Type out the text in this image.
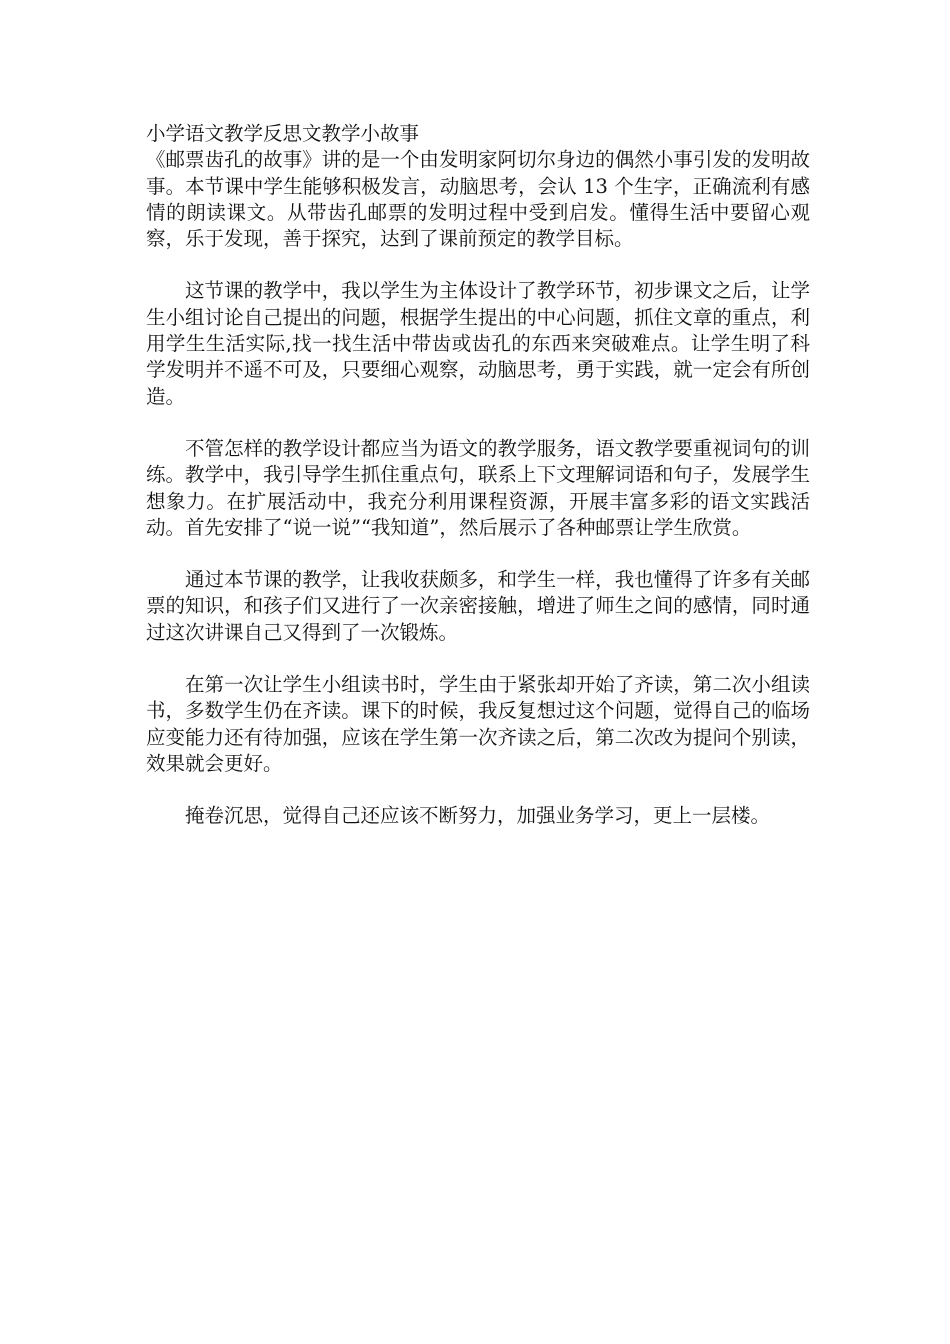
小学语文教学反思文教学小故事

《邮票齿孔的故事》讲的是一个由发明家阿切尔身边的偶然小事引发的发明故事。本节课中学生能够积极发言，动脑思考，会认 13 个生字，正确流利有感情的朗读课文。从带齿孔邮票的发明过程中受到启发。懂得生活中要留心观察，乐于发现，善于探究，达到了课前预定的教学目标。

这节课的教学中，我以学生为主体设计了教学环节，初步课文之后，让学生小组讨论自己提出的问题，根据学生提出的中心问题，抓住文章的重点，利用学生生活实际,找一找生活中带齿或齿孔的东西来突破难点。让学生明了科学发明并不遥不可及，只要细心观察，动脑思考，勇于实践，就一定会有所创造。

不管怎样的教学设计都应当为语文的教学服务，语文教学要重视词句的训练。教学中，我引导学生抓住重点句，联系上下文理解词语和句子，发展学生想象力。在扩展活动中，我充分利用课程资源，开展丰富多彩的语文实践活动。首先安排了“说一说”“我知道”，然后展示了各种邮票让学生欣赏。

通过本节课的教学，让我收获颇多，和学生一样，我也懂得了许多有关邮票的知识，和孩子们又进行了一次亲密接触，增进了师生之间的感情，同时通过这次讲课自己又得到了一次锻炼。

在第一次让学生小组读书时，学生由于紧张却开始了齐读，第二次小组读书，多数学生仍在齐读。课下的时候，我反复想过这个问题，觉得自己的临场应变能力还有待加强，应该在学生第一次齐读之后，第二次改为提问个别读，效果就会更好。

掩卷沉思，觉得自己还应该不断努力，加强业务学习，更上一层楼。
